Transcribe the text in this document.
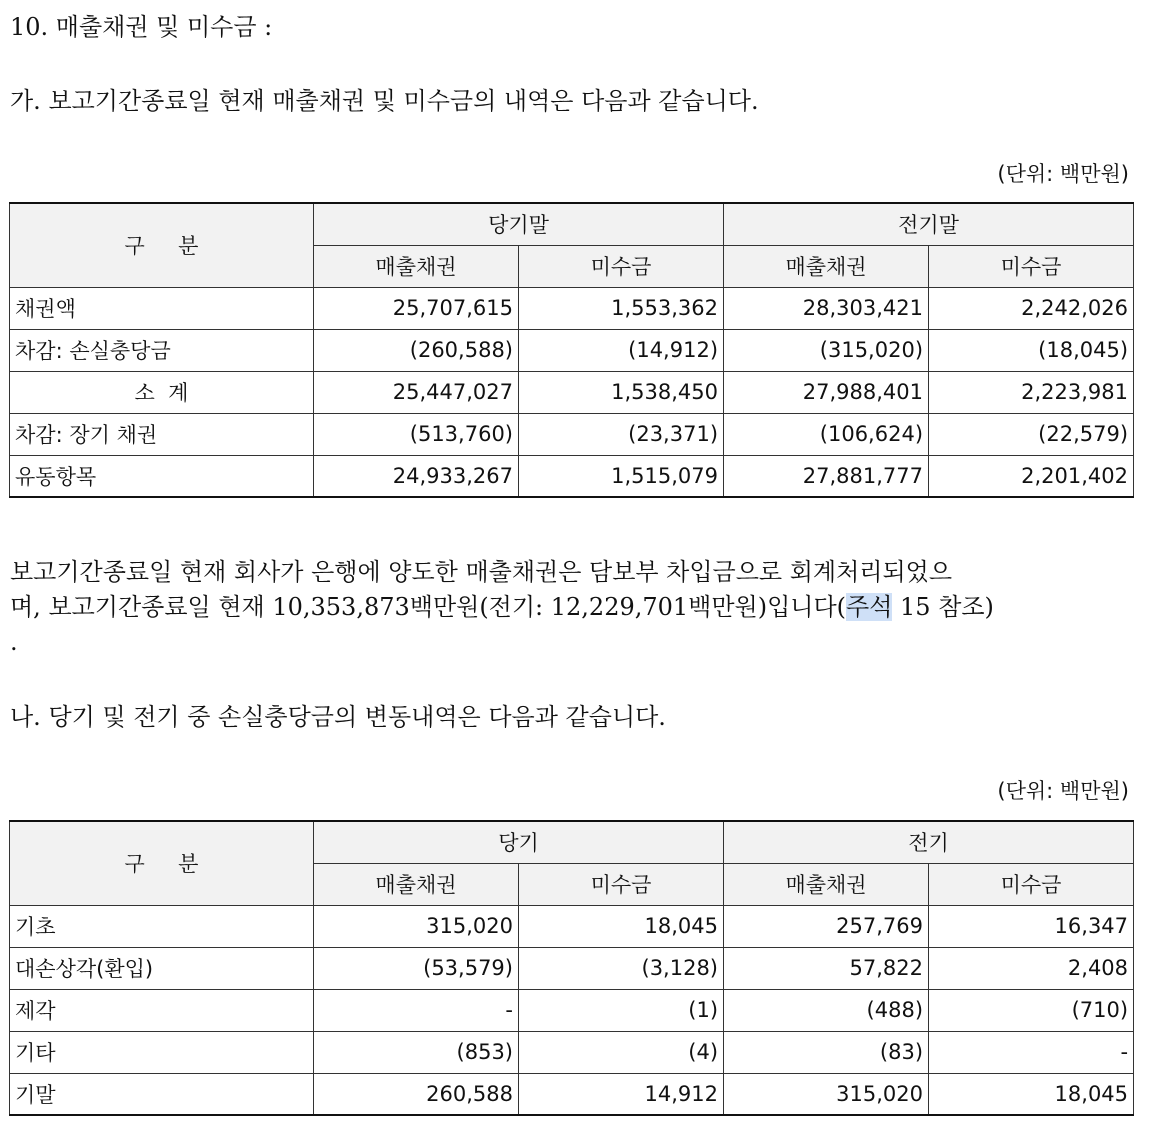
10. 매출채권 및 미수금 :
가. 보고기간종료일 현재 매출채권 및 미수금의 내역은 다음과 같습니다.
(단위: 백만원)
구     분	당기말		전기말	
	매출채권	미수금	매출채권	미수금
채권액	25,707,615	1,553,362	28,303,421	2,242,026
차감: 손실충당금	(260,588)	(14,912)	(315,020)	(18,045)
소  계	25,447,027	1,538,450	27,988,401	2,223,981
차감: 장기 채권	(513,760)	(23,371)	(106,624)	(22,579)
유동항목	24,933,267	1,515,079	27,881,777	2,201,402
보고기간종료일 현재 회사가 은행에 양도한 매출채권은 담보부 차입금으로 회계처리되었으
며, 보고기간종료일 현재 10,353,873백만원(전기: 12,229,701백만원)입니다(주석 15 참조)
.
나. 당기 및 전기 중 손실충당금의 변동내역은 다음과 같습니다.
(단위: 백만원)
구     분	당기		전기	
	매출채권	미수금	매출채권	미수금
기초	315,020	18,045	257,769	16,347
대손상각(환입)	(53,579)	(3,128)	57,822	2,408
제각	-	(1)	(488)	(710)
기타	(853)	(4)	(83)	-
기말	260,588	14,912	315,020	18,045
